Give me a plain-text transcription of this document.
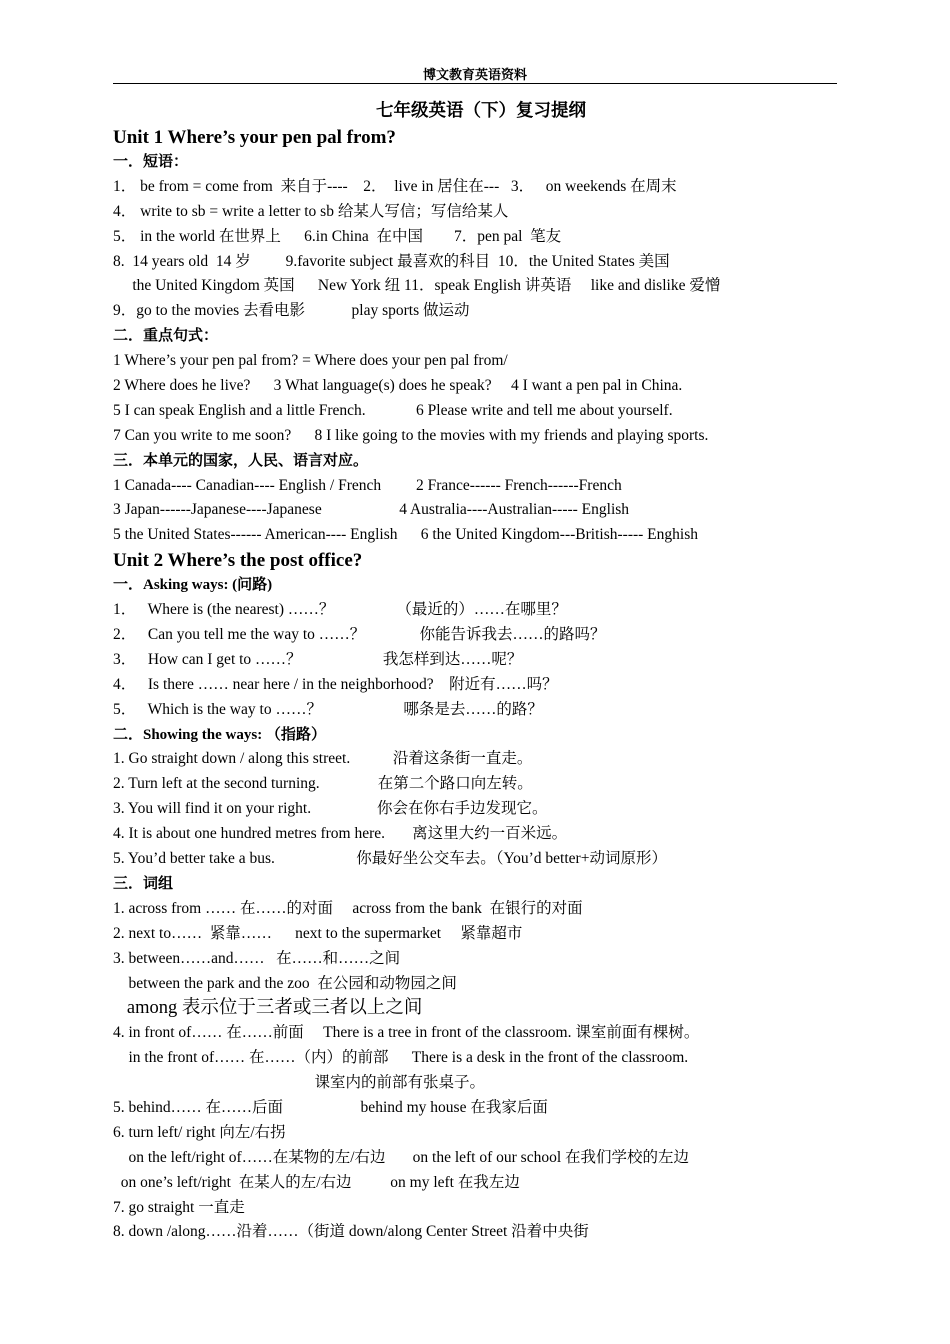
博文教育英语资料
七年级英语（下）复习提纲
Unit 1 Where’s your pen pal from?
一．短语：
1． be from = come from  来自于----    2．  live in 居住在---   3．   on weekends 在周末
4． write to sb = write a letter to sb 给某人写信；写信给某人
5． in the world 在世界上      6.in China  在中国        7．pen pal  笔友
8.  14 years old  14 岁         9.favorite subject 最喜欢的科目  10．the United States 美国
the United Kingdom 英国      New York 纽 11．speak English 讲英语     like and dislike 爱憎
9．go to the movies 去看电影            play sports 做运动
二．重点句式：
1 Where’s your pen pal from? = Where does your pen pal from/
2 Where does he live?      3 What language(s) does he speak?     4 I want a pen pal in China.
5 I can speak English and a little French.             6 Please write and tell me about yourself.
7 Can you write to me soon?      8 I like going to the movies with my friends and playing sports.
三．本单元的国家，人民、语言对应。
1 Canada---- Canadian---- English / French         2 France------ French------French
3 Japan------Japanese----Japanese                    4 Australia----Australian----- English
5 the United States------ American---- English      6 the United Kingdom---British----- Enghish
Unit 2 Where’s the post office?
一．Asking ways: (问路)
1．   Where is (the nearest) ……？                （最近的）……在哪里？
2．   Can you tell me the way to ……？              你能告诉我去……的路吗？
3．   How can I get to ……？                     我怎样到达……呢？
4．   Is there …… near here / in the neighborhood?    附近有……吗？
5．   Which is the way to ……？                     哪条是去……的路？
二．Showing the ways: （指路）
1. Go straight down / along this street.           沿着这条街一直走。
2. Turn left at the second turning.               在第二个路口向左转。
3. You will find it on your right.                 你会在你右手边发现它。
4. It is about one hundred metres from here.       离这里大约一百米远。
5. You’d better take a bus.                     你最好坐公交车去。（You’d better+动词原形）
三．词组
1. across from …… 在……的对面     across from the bank  在银行的对面
2. next to……  紧靠……      next to the supermarket     紧靠超市
3. between……and……   在……和……之间
between the park and the zoo  在公园和动物园之间
among 表示位于三者或三者以上之间
4. in front of…… 在……前面     There is a tree in front of the classroom. 课室前面有棵树。
in the front of…… 在……（内）的前部      There is a desk in the front of the classroom.
课室内的前部有张桌子。
5. behind…… 在……后面                    behind my house 在我家后面
6. turn left/ right 向左/右拐
on the left/right of……在某物的左/右边       on the left of our school 在我们学校的左边
on one’s left/right  在某人的左/右边          on my left 在我左边
7. go straight 一直走
8. down /along……沿着……（街道 down/along Center Street 沿着中央街
